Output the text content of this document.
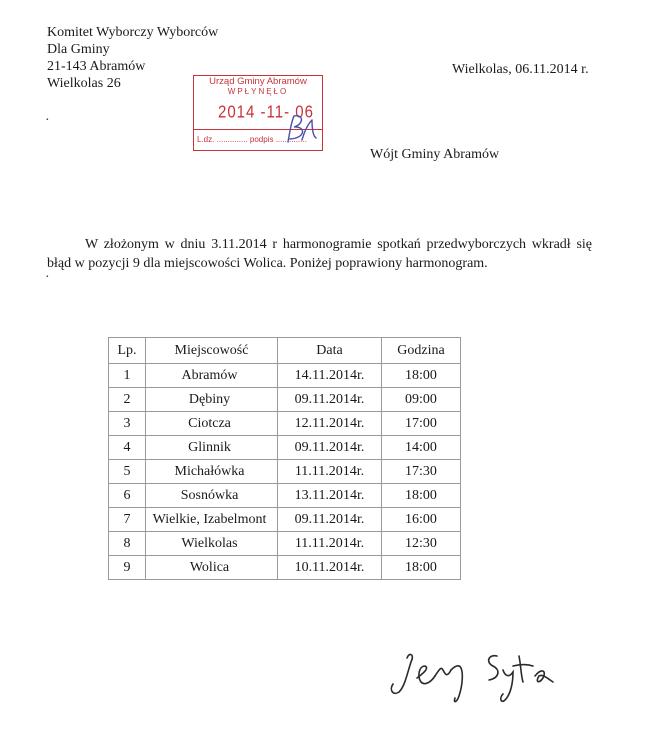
Komitet Wyborczy Wyborców
Dla Gminy
21-143 Abramów
Wielkolas 26
·
Wielkolas, 06.11.2014 r.
Urząd Gminy Abramów
WPŁYNĘŁO
2014 -11- 06
L.dz. .............. podpis ..............
Wójt Gminy Abramów
W złożonym w dniu 3.11.2014 r harmonogramie spotkań przedwyborczych wkradł się błąd w pozycji 9 dla miejscowości Wolica. Poniżej poprawiony harmonogram.
·
Lp.	Miejscowość	Data	Godzina
1	Abramów	14.11.2014r.	18:00
2	Dębiny	09.11.2014r.	09:00
3	Ciotcza	12.11.2014r.	17:00
4	Glinnik	09.11.2014r.	14:00
5	Michałówka	11.11.2014r.	17:30
6	Sosnówka	13.11.2014r.	18:00
7	Wielkie, Izabelmont	09.11.2014r.	16:00
8	Wielkolas	11.11.2014r.	12:30
9	Wolica	10.11.2014r.	18:00
